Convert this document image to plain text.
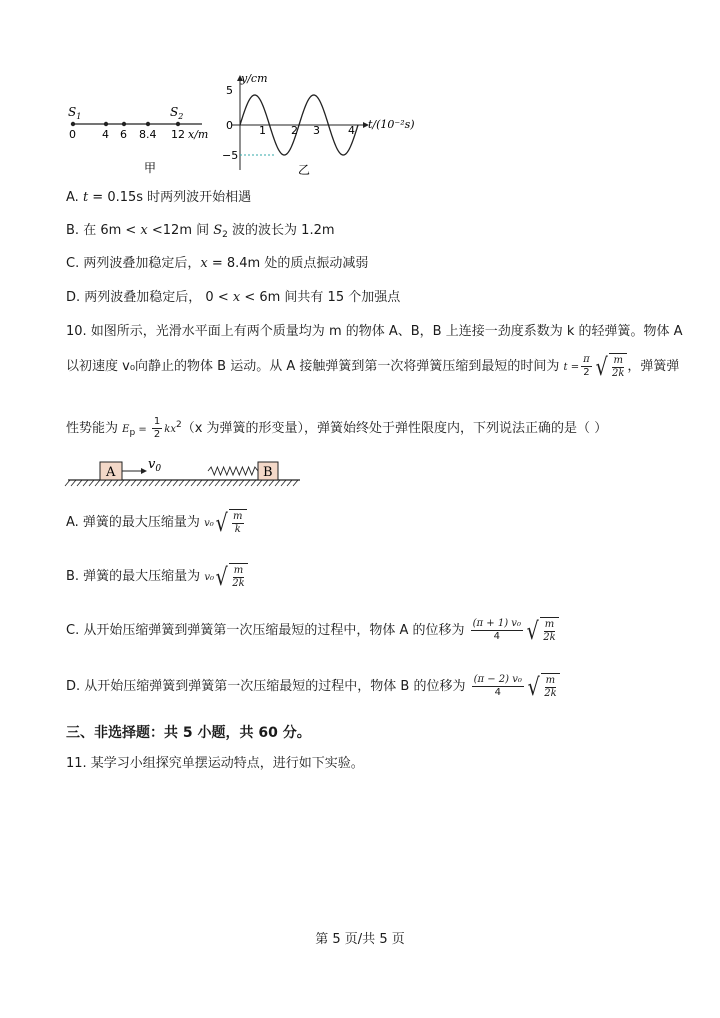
$S_1$	$S_2$
0 4 6 8.4 12 x/m
甲
y/cm
t/(10⁻²s)
5
0
−5
1 2 3	4
乙
A. t = 0.15s 时两列波开始相遇
B. 在 6m < x <12m 间 $S_2$ 波的波长为 1.2m
C. 两列波叠加稳定后，x = 8.4m 处的质点振动减弱
D. 两列波叠加稳定后， 0 < x < 6m 间共有 15 个加强点
10. 如图所示，光滑水平面上有两个质量均为 m 的物体 A、B，B 上连接一劲度系数为 k 的轻弹簧。物体 A
以初速度 v₀向静止的物体 B 运动。从 A 接触弹簧到第一次将弹簧压缩到最短的时间为 $t = \frac{\pi}{2}$ √ $\frac{m}{2k}$ ，弹簧弹
性势能为 $E_p = \frac{1}{2} kx^2(x$ 为弹簧的形变量），弹簧始终处于弹性限度内，下列说法正确的是（ ）
A
$v_0$	B
A. 弹簧的最大压缩量为 v₀ √ $\frac{m}{k}$
B. 弹簧的最大压缩量为 v₀ √ $\frac{m}{2k}$
C. 从开始压缩弹簧到弹簧第一次压缩最短的过程中，物体 A 的位移为 $\frac{\text{(π + 1) v₀}}{4}$ √ $\frac{m}{2k}$
D. 从开始压缩弹簧到弹簧第一次压缩最短的过程中，物体 B 的位移为 $\frac{\text{(π − 2) v₀}}{4}$ √ $\frac{m}{2k}$
三、非选择题：共 5 小题，共 60 分。
11. 某学习小组探究单摆运动特点，进行如下实验。
第 5 页/共 5 页
